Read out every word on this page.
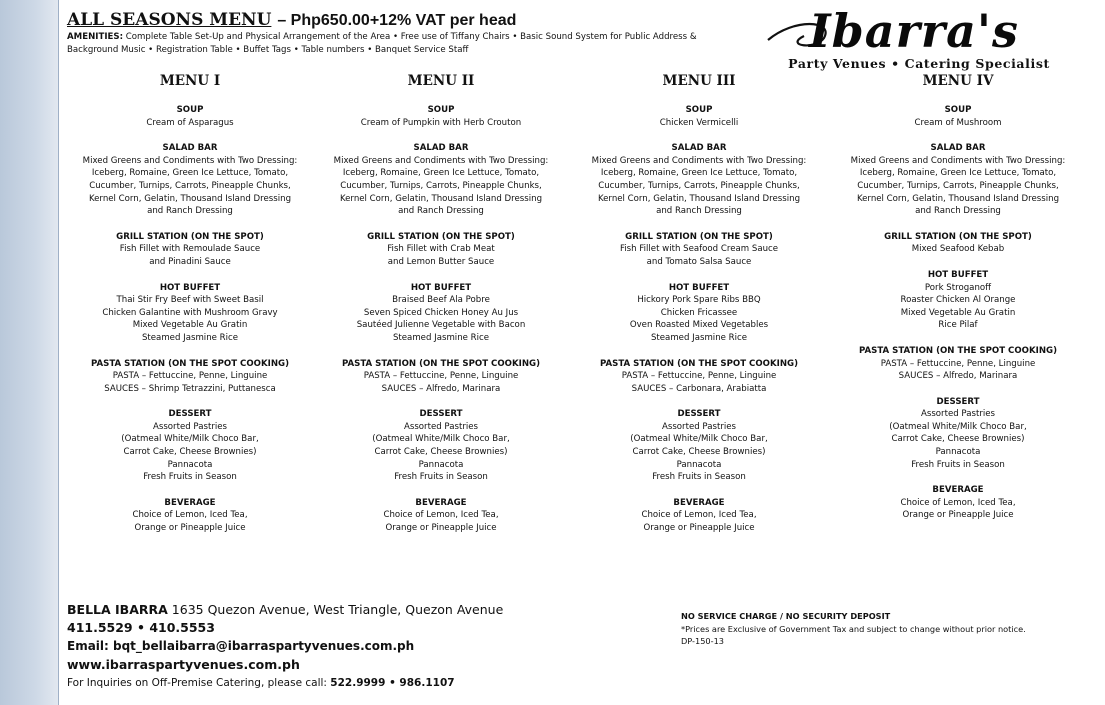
ALL SEASONS MENU – Php650.00+12% VAT per head
AMENITIES: Complete Table Set-Up and Physical Arrangement of the Area • Free use of Tiffany Chairs • Basic Sound System for Public Address &
Background Music • Registration Table • Buffet Tags • Table numbers • Banquet Service Staff	Ibarra's
Party Venues • Catering Specialist
MENU I
SOUP
Cream of Asparagus
SALAD BAR
Mixed Greens and Condiments with Two Dressing:
Iceberg, Romaine, Green Ice Lettuce, Tomato,
Cucumber, Turnips, Carrots, Pineapple Chunks,
Kernel Corn, Gelatin, Thousand Island Dressing
and Ranch Dressing
GRILL STATION (ON THE SPOT)
Fish Fillet with Remoulade Sauce
and Pinadini Sauce
HOT BUFFET
Thai Stir Fry Beef with Sweet Basil
Chicken Galantine with Mushroom Gravy
Mixed Vegetable Au Gratin
Steamed Jasmine Rice
PASTA STATION (ON THE SPOT COOKING)
PASTA – Fettuccine, Penne, Linguine
SAUCES – Shrimp Tetrazzini, Puttanesca
DESSERT
Assorted Pastries
(Oatmeal White/Milk Choco Bar,
Carrot Cake, Cheese Brownies)
Pannacota
Fresh Fruits in Season
BEVERAGE
Choice of Lemon, Iced Tea,
Orange or Pineapple Juice
MENU II
SOUP
Cream of Pumpkin with Herb Crouton
SALAD BAR
Mixed Greens and Condiments with Two Dressing:
Iceberg, Romaine, Green Ice Lettuce, Tomato,
Cucumber, Turnips, Carrots, Pineapple Chunks,
Kernel Corn, Gelatin, Thousand Island Dressing
and Ranch Dressing
GRILL STATION (ON THE SPOT)
Fish Fillet with Crab Meat
and Lemon Butter Sauce
HOT BUFFET
Braised Beef Ala Pobre
Seven Spiced Chicken Honey Au Jus
Sautéed Julienne Vegetable with Bacon
Steamed Jasmine Rice
PASTA STATION (ON THE SPOT COOKING)
PASTA – Fettuccine, Penne, Linguine
SAUCES – Alfredo, Marinara
DESSERT
Assorted Pastries
(Oatmeal White/Milk Choco Bar,
Carrot Cake, Cheese Brownies)
Pannacota
Fresh Fruits in Season
BEVERAGE
Choice of Lemon, Iced Tea,
Orange or Pineapple Juice
MENU III
SOUP
Chicken Vermicelli
SALAD BAR
Mixed Greens and Condiments with Two Dressing:
Iceberg, Romaine, Green Ice Lettuce, Tomato,
Cucumber, Turnips, Carrots, Pineapple Chunks,
Kernel Corn, Gelatin, Thousand Island Dressing
and Ranch Dressing
GRILL STATION (ON THE SPOT)
Fish Fillet with Seafood Cream Sauce
and Tomato Salsa Sauce
HOT BUFFET
Hickory Pork Spare Ribs BBQ
Chicken Fricassee
Oven Roasted Mixed Vegetables
Steamed Jasmine Rice
PASTA STATION (ON THE SPOT COOKING)
PASTA – Fettuccine, Penne, Linguine
SAUCES – Carbonara, Arabiatta
DESSERT
Assorted Pastries
(Oatmeal White/Milk Choco Bar,
Carrot Cake, Cheese Brownies)
Pannacota
Fresh Fruits in Season
BEVERAGE
Choice of Lemon, Iced Tea,
Orange or Pineapple Juice
MENU IV
SOUP
Cream of Mushroom
SALAD BAR
Mixed Greens and Condiments with Two Dressing:
Iceberg, Romaine, Green Ice Lettuce, Tomato,
Cucumber, Turnips, Carrots, Pineapple Chunks,
Kernel Corn, Gelatin, Thousand Island Dressing
and Ranch Dressing
GRILL STATION (ON THE SPOT)
Mixed Seafood Kebab
HOT BUFFET
Pork Stroganoff
Roaster Chicken Al Orange
Mixed Vegetable Au Gratin
Rice Pilaf
PASTA STATION (ON THE SPOT COOKING)
PASTA – Fettuccine, Penne, Linguine
SAUCES – Alfredo, Marinara
DESSERT
Assorted Pastries
(Oatmeal White/Milk Choco Bar,
Carrot Cake, Cheese Brownies)
Pannacota
Fresh Fruits in Season
BEVERAGE
Choice of Lemon, Iced Tea,
Orange or Pineapple Juice
BELLA IBARRA 1635 Quezon Avenue, West Triangle, Quezon Avenue
411.5529 • 410.5553
Email: bqt_bellaibarra@ibarraspartyvenues.com.ph
www.ibarraspartyvenues.com.ph
For Inquiries on Off-Premise Catering, please call: 522.9999 • 986.1107
NO SERVICE CHARGE / NO SECURITY DEPOSIT
*Prices are Exclusive of Government Tax and subject to change without prior notice.
DP-150-13
